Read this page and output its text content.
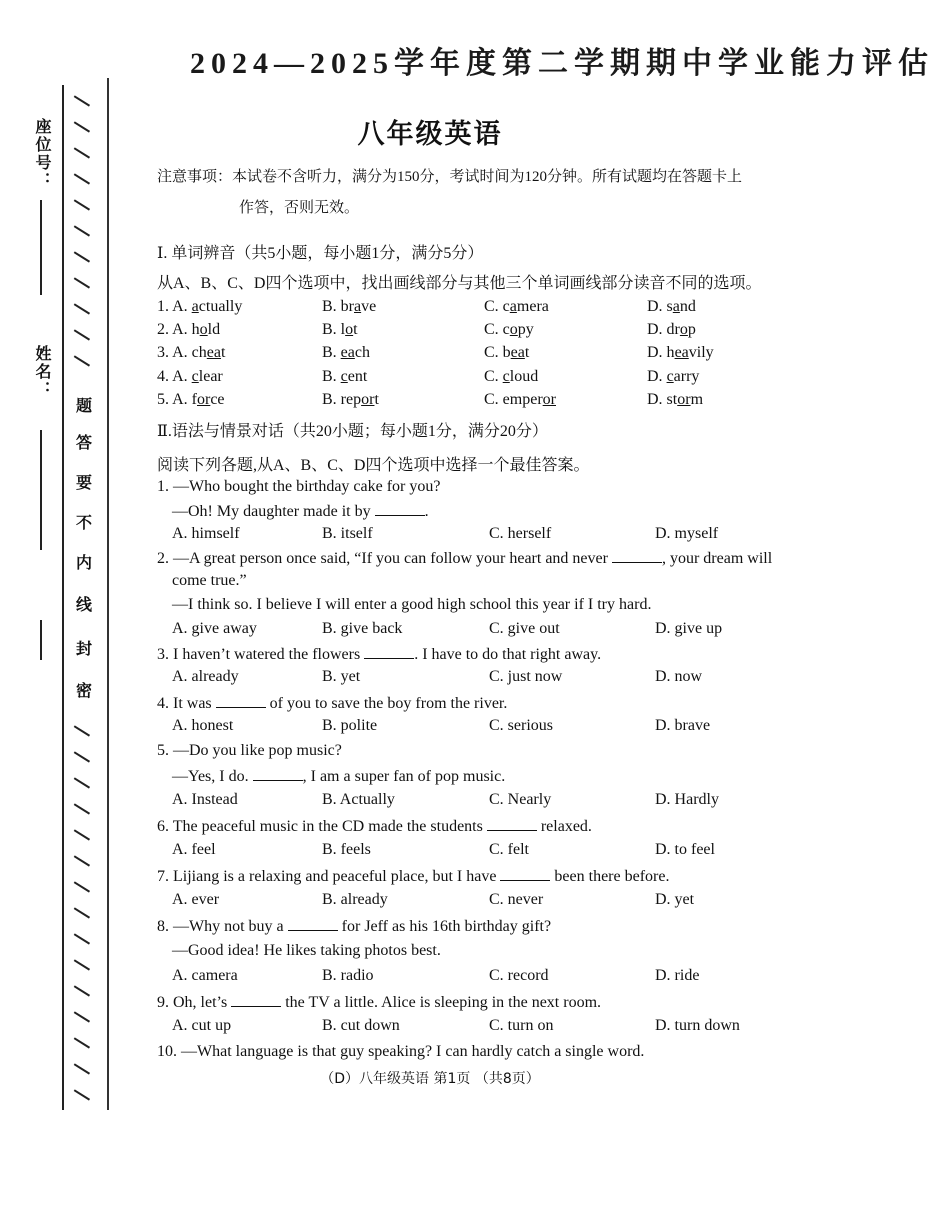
座位号：
姓名：
题
答
要
不
内
线
封
密
2024—2025学年度第二学期期中学业能力评估
八年级英语
注意事项：本试卷不含听力，满分为150分，考试时间为120分钟。所有试题均在答题卡上
作答，否则无效。
Ⅰ. 单词辨音（共5小题，每小题1分，满分5分）
从A、B、C、D四个选项中，找出画线部分与其他三个单词画线部分读音不同的选项。
1. A. actually	B. brave	C. camera	D. sand
2. A. hold	B. lot	C. copy	D. drop
3. A. cheat	B. each	C. beat	D. heavily
4. A. clear	B. cent	C. cloud	D. carry
5. A. force	B. report	C. emperor	D. storm
Ⅱ.语法与情景对话（共20小题；每小题1分，满分20分）
阅读下列各题,从A、B、C、D四个选项中选择一个最佳答案。
1. —Who bought the birthday cake for you?
—Oh! My daughter made it by	.
A. himself	B. itself	C. herself	D. myself
2. —A great person once said, “If you can follow your heart and never	, your dream will
come true.”
—I think so. I believe I will enter a good high school this year if I try hard.
A. give away	B. give back	C. give out	D. give up
3. I haven’t watered the flowers	. I have to do that right away.
A. already	B. yet	C. just now	D. now
4. It was	of you to save the boy from the river.
A. honest	B. polite	C. serious	D. brave
5. —Do you like pop music?
—Yes, I do.	, I am a super fan of pop music.
A. Instead	B. Actually	C. Nearly	D. Hardly
6. The peaceful music in the CD made the students	relaxed.
A. feel	B. feels	C. felt	D. to feel
7. Lijiang is a relaxing and peaceful place, but I have	been there before.
A. ever	B. already	C. never	D. yet
8. —Why not buy a	for Jeff as his 16th birthday gift?
—Good idea! He likes taking photos best.
A. camera	B. radio	C. record	D. ride
9. Oh, let’s	the TV a little. Alice is sleeping in the next room.
A. cut up	B. cut down	C. turn on	D. turn down
10. —What language is that guy speaking? I can hardly catch a single word.
（D）八年级英语 第1页 （共8页）
